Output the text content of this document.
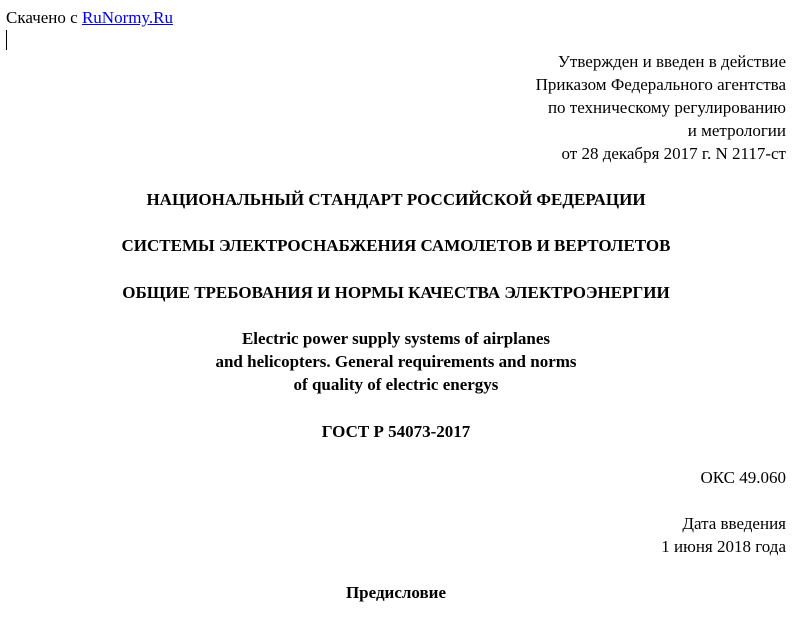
Скачено с RuNormy.Ru
Утвержден и введен в действие
Приказом Федерального агентства
по техническому регулированию
и метрологии
от 28 декабря 2017 г. N 2117-ст
НАЦИОНАЛЬНЫЙ СТАНДАРТ РОССИЙСКОЙ ФЕДЕРАЦИИ
СИСТЕМЫ ЭЛЕКТРОСНАБЖЕНИЯ САМОЛЕТОВ И ВЕРТОЛЕТОВ
ОБЩИЕ ТРЕБОВАНИЯ И НОРМЫ КАЧЕСТВА ЭЛЕКТРОЭНЕРГИИ
Electric power supply systems of airplanes
and helicopters. General requirements and norms
of quality of electric energys
ГОСТ Р 54073-2017
ОКС 49.060
Дата введения
1 июня 2018 года
Предисловие
